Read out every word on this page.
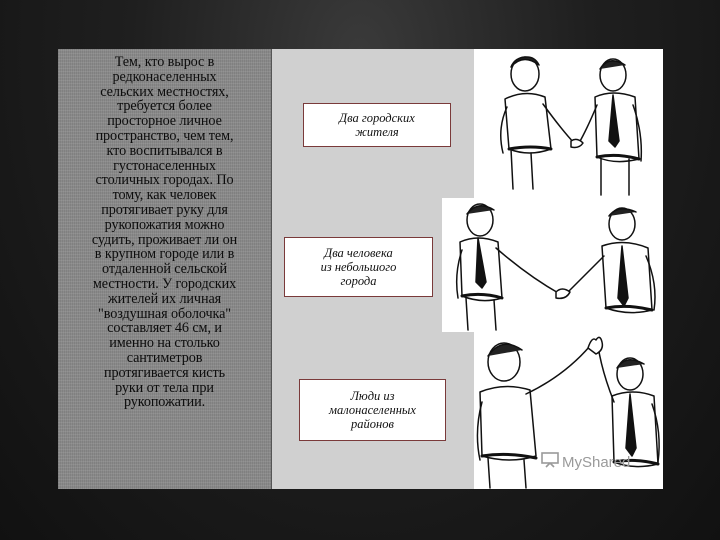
Тем, кто вырос в
редконаселенных
сельских местностях,
требуется более
просторное личное
пространство, чем тем,
кто воспитывался в
густонаселенных
столичных городах. По
тому, как человек
протягивает руку для
рукопожатия можно
судить, проживает ли он
в крупном городе или в
отдаленной сельской
местности. У городских
жителей их личная
"воздушная оболочка"
составляет 46 см, и
именно на столько
сантиметров
протягивается кисть
руки от тела при
рукопожатии.

Два городских
жителя
Два человека
из небольшого
города
Люди из
малонаселенных
районов
MyShared
